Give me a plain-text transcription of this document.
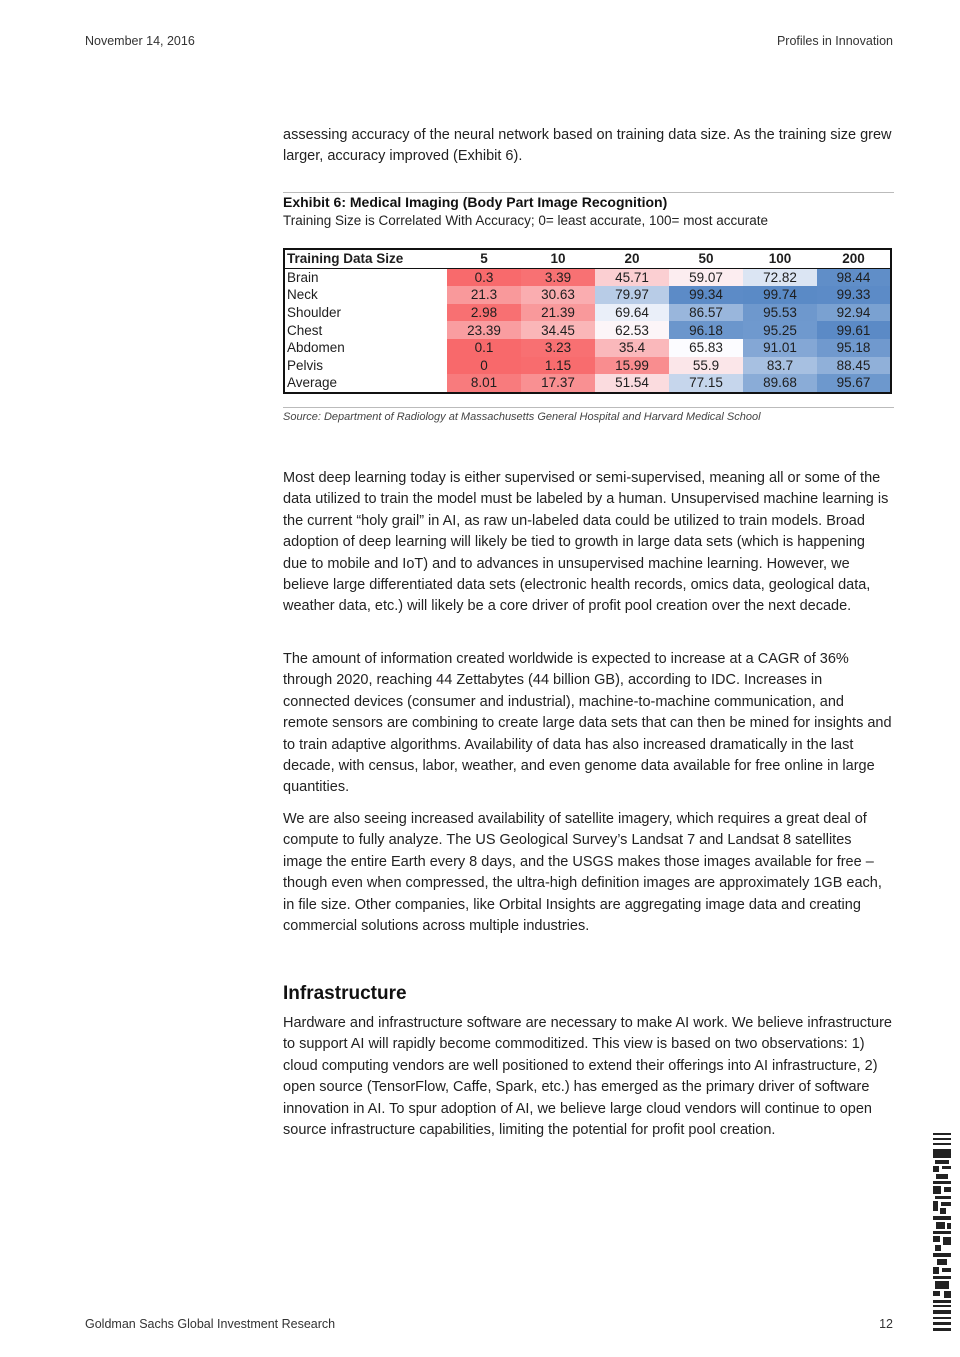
November 14, 2016	Profiles in Innovation

assessing accuracy of the neural network based on training data size. As the training size grew larger, accuracy improved (Exhibit 6).

Exhibit 6: Medical Imaging (Body Part Image Recognition)
Training Size is Correlated With Accuracy; 0= least accurate, 100= most accurate
Training Data Size	5	10	20	50	100	200
Brain	0.3	3.39	45.71	59.07	72.82	98.44
Neck	21.3	30.63	79.97	99.34	99.74	99.33
Shoulder	2.98	21.39	69.64	86.57	95.53	92.94
Chest	23.39	34.45	62.53	96.18	95.25	99.61
Abdomen	0.1	3.23	35.4	65.83	91.01	95.18
Pelvis	0	1.15	15.99	55.9	83.7	88.45
Average	8.01	17.37	51.54	77.15	89.68	95.67
Source: Department of Radiology at Massachusetts General Hospital and Harvard Medical School

Most deep learning today is either supervised or semi-supervised, meaning all or some of the data utilized to train the model must be labeled by a human. Unsupervised machine learning is the current “holy grail” in AI, as raw un-labeled data could be utilized to train models. Broad adoption of deep learning will likely be tied to growth in large data sets (which is happening due to mobile and IoT) and to advances in unsupervised machine learning. However, we believe large differentiated data sets (electronic health records, omics data, geological data, weather data, etc.) will likely be a core driver of profit pool creation over the next decade.

The amount of information created worldwide is expected to increase at a CAGR of 36% through 2020, reaching 44 Zettabytes (44 billion GB), according to IDC. Increases in connected devices (consumer and industrial), machine-to-machine communication, and remote sensors are combining to create large data sets that can then be mined for insights and to train adaptive algorithms. Availability of data has also increased dramatically in the last decade, with census, labor, weather, and even genome data available for free online in large quantities.

We are also seeing increased availability of satellite imagery, which requires a great deal of compute to fully analyze. The US Geological Survey’s Landsat 7 and Landsat 8 satellites image the entire Earth every 8 days, and the USGS makes those images available for free – though even when compressed, the ultra-high definition images are approximately 1GB each, in file size. Other companies, like Orbital Insights are aggregating image data and creating commercial solutions across multiple industries.

Infrastructure

Hardware and infrastructure software are necessary to make AI work. We believe infrastructure to support AI will rapidly become commoditized. This view is based on two observations: 1) cloud computing vendors are well positioned to extend their offerings into AI infrastructure, 2) open source (TensorFlow, Caffe, Spark, etc.) has emerged as the primary driver of software innovation in AI. To spur adoption of AI, we believe large cloud vendors will continue to open source infrastructure capabilities, limiting the potential for profit pool creation.

Goldman Sachs Global Investment Research	12
